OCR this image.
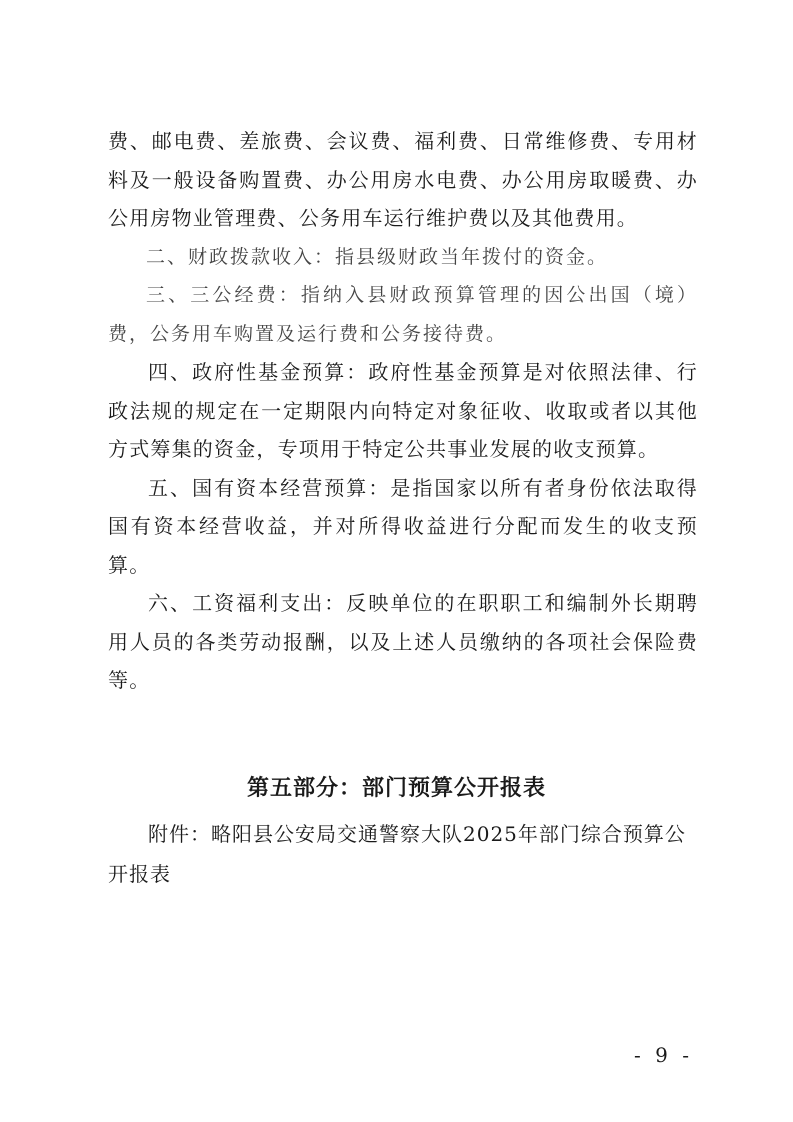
费、邮电费、差旅费、会议费、福利费、日常维修费、专用材料及一般设备购置费、办公用房水电费、办公用房取暖费、办公用房物业管理费、公务用车运行维护费以及其他费用。

二、财政拨款收入：指县级财政当年拨付的资金。

三、三公经费：指纳入县财政预算管理的因公出国（境）费，公务用车购置及运行费和公务接待费。

四、政府性基金预算：政府性基金预算是对依照法律、行政法规的规定在一定期限内向特定对象征收、收取或者以其他方式筹集的资金，专项用于特定公共事业发展的收支预算。

五、国有资本经营预算：是指国家以所有者身份依法取得国有资本经营收益，并对所得收益进行分配而发生的收支预算。

六、工资福利支出：反映单位的在职职工和编制外长期聘用人员的各类劳动报酬，以及上述人员缴纳的各项社会保险费等。

第五部分：部门预算公开报表

附件：略阳县公安局交通警察大队2025年部门综合预算公开报表

- 9 -
